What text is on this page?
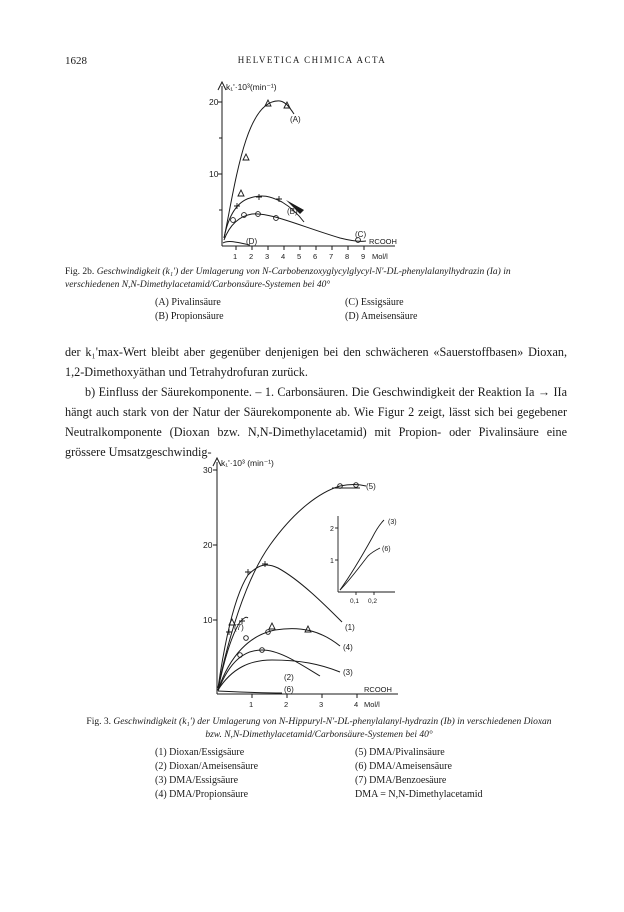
1628	HELVETICA CHIMICA ACTA
k₁'·10³(min⁻¹)
20
10
1 2 3 4 5 6 7 8 9 Mol/l
(A)
(B)
(C)
(D)	RCOOH
Fig. 2b. Geschwindigkeit (k₁') der Umlagerung von N-Carbobenzoxyglycylglycyl-N'-DL-phenylalanylhydrazin (Ia) in verschiedenen N,N-Dimethylacetamid/Carbonsäure-Systemen bei 40°
(A) Pivalinsäure	(C) Essigsäure
(B) Propionsäure	(D) Ameisensäure

der k₁'max-Wert bleibt aber gegenüber denjenigen bei den schwächeren «Sauerstoffbasen» Dioxan, 1,2-Dimethoxyäthan und Tetrahydrofuran zurück.

b) Einfluss der Säurekomponente. – 1. Carbonsäuren. Die Geschwindigkeit der Reaktion Ia → IIa hängt auch stark von der Natur der Säurekomponente ab. Wie Figur 2 zeigt, lässt sich bei gegebener Neutralkomponente (Dioxan bzw. N,N-Dimethylacetamid) mit Propion- oder Pivalinsäure eine grössere Umsatzgeschwindig-

k₁'·10³ (min⁻¹)
30
20
10
1	2	3	4 Mol/l
RCOOH
(5)
(1)
(4)
(3)
(2)
(6)
(7)
2
1
0,1 0,2
(3)
(6)
Fig. 3. Geschwindigkeit (k₁') der Umlagerung von N-Hippuryl-N'-DL-phenylalanyl-hydrazin (Ib) in verschiedenen Dioxan bzw. N,N-Dimethylacetamid/Carbonsäure-Systemen bei 40°
(1) Dioxan/Essigsäure	(5) DMA/Pivalinsäure
(2) Dioxan/Ameisensäure	(6) DMA/Ameisensäure
(3) DMA/Essigsäure	(7) DMA/Benzoesäure
(4) DMA/Propionsäure	DMA = N,N-Dimethylacetamid
